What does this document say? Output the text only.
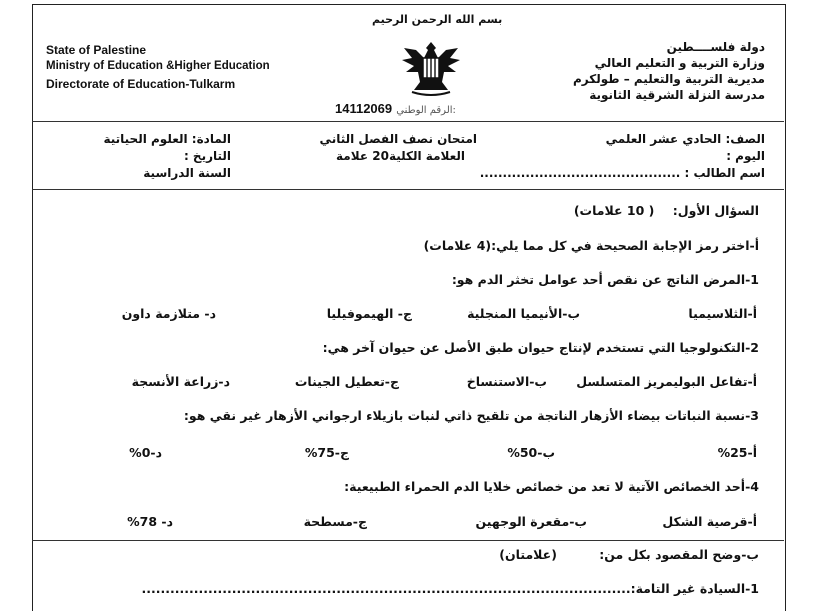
بسم الله الرحمن الرحيم
State of Palestine
Ministry of Education &Higher Education
Directorate of Education-Tulkarm
دولة فلســــطين
وزارة التربية و التعليم العالي
مديرية التربية والتعليم – طولكرم
مدرسة النزلة الشرقية الثانوية
14112069 الرقم الوطني:
الصف: الحادي عشر العلمي
اليوم :
اسم الطالب : ............................................
امتحان نصف الفصل الثاني
العلامة الكلية20 علامة
المادة: العلوم الحياتية
التاريخ :
السنة الدراسية
السؤال الأول: ( 10 علامات)
أ-اختر رمز الإجابة الصحيحة في كل مما يلي:(4 علامات)
1-المرض الناتج عن نقص أحد عوامل تخثر الدم هو:
أ-الثلاسيميا
ب-الأنيميا المنجلية
ج- الهيموفيليا
د- متلازمة داون
2-التكنولوجيا التي تستخدم لإنتاج حيوان طبق الأصل عن حيوان آخر هي:
أ-تفاعل البوليمريز المتسلسل
ب-الاستنساخ
ج-تعطيل الجينات
د-زراعة الأنسجة
3-نسبة النباتات بيضاء الأزهار الناتجة من تلقيح ذاتي لنبات بازيلاء ارجواني الأزهار غير نقي هو:
أ-25%
ب-50%
ج-75%
د-0%
4-أحد الخصائص الآتية لا تعد من خصائص خلايا الدم الحمراء الطبيعية:
أ-قرصية الشكل
ب-مقعرة الوجهين
ج-مسطحة
د- 78%
ب-وضح المقصود بكل من: (علامتان)
1-السيادة غير التامة:.......................................................................................................
